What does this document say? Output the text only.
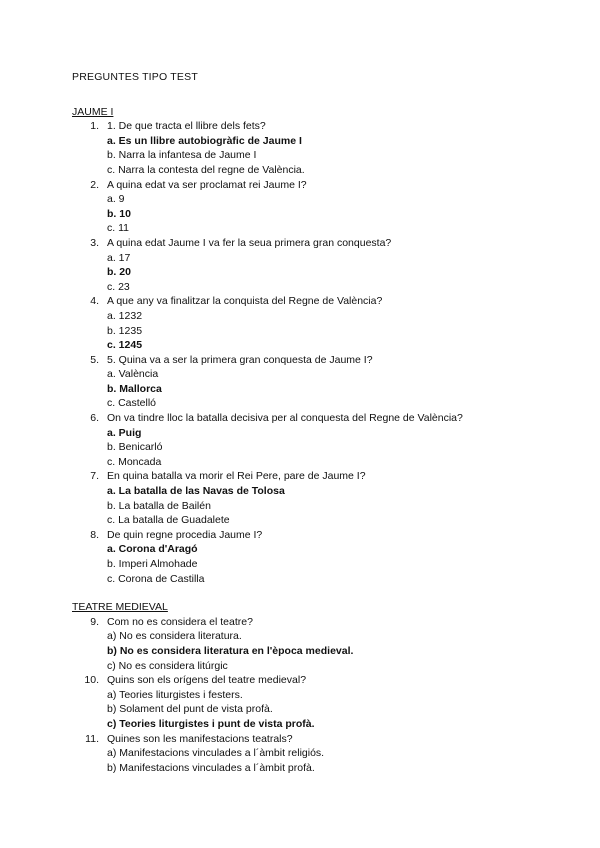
PREGUNTES TIPO TEST
JAUME I
1. 1. De que tracta el llibre dels fets?
a. Es un llibre autobiogràfic de Jaume I
b. Narra la infantesa de Jaume I
c. Narra la contesta del regne de València.
2. A quina edat va ser proclamat rei Jaume I?
a. 9
b. 10
c. 11
3. A quina edat Jaume I va fer la seua primera gran conquesta?
a. 17
b. 20
c. 23
4. A que any va finalitzar la conquista del Regne de València?
a. 1232
b. 1235
c. 1245
5. 5. Quina va a ser la primera gran conquesta de Jaume I?
a. València
b. Mallorca
c. Castelló
6. On va tindre lloc la batalla decisiva per al conquesta del Regne de València?
a. Puig
b. Benicarló
c. Moncada
7. En quina batalla va morir el Rei Pere, pare de Jaume I?
a. La batalla de las Navas de Tolosa
b. La batalla de Bailén
c. La batalla de Guadalete
8. De quin regne procedia Jaume I?
a. Corona d'Aragó
b. Imperi Almohade
c. Corona de Castilla
TEATRE MEDIEVAL
9. Com no es considera el teatre?
a) No es considera literatura.
b) No es considera literatura en l'època medieval.
c) No es considera litúrgic
10. Quins son els orígens del teatre medieval?
a) Teories liturgistes i festers.
b) Solament del punt de vista profà.
c) Teories liturgistes i punt de vista profà.
11. Quines son les manifestacions teatrals?
a) Manifestacions vinculades a l´àmbit religiós.
b) Manifestacions vinculades a l´àmbit profà.
